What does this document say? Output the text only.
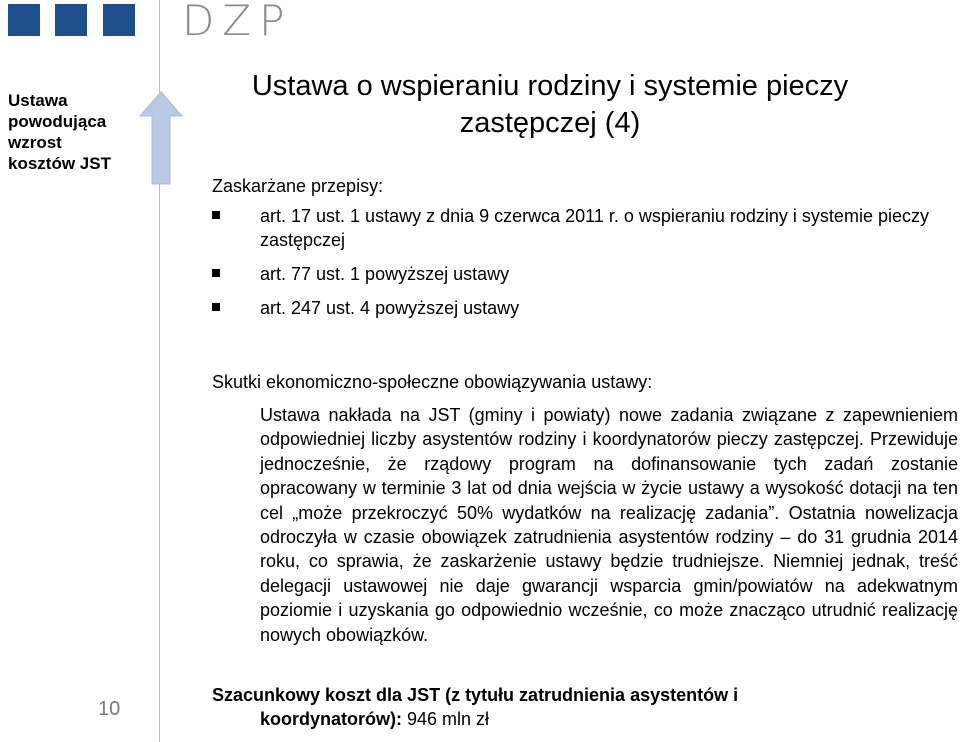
DZP
Ustawa powodująca wzrost kosztów JST
10
Ustawa o wspieraniu rodziny i systemie pieczy zastępczej (4)
Zaskarżane przepisy:
art. 17 ust. 1 ustawy z dnia 9 czerwca 2011 r. o wspieraniu rodziny i systemie pieczy zastępczej
art. 77 ust. 1 powyższej ustawy
art. 247 ust. 4 powyższej ustawy
Skutki ekonomiczno-społeczne obowiązywania ustawy:
Ustawa nakłada na JST (gminy i powiaty) nowe zadania związane z zapewnieniem odpowiedniej liczby asystentów rodziny i koordynatorów pieczy zastępczej. Przewiduje jednocześnie, że rządowy program na dofinansowanie tych zadań zostanie opracowany w terminie 3 lat od dnia wejścia w życie ustawy a wysokość dotacji na ten cel „może przekroczyć 50% wydatków na realizację zadania”. Ostatnia nowelizacja odroczyła w czasie obowiązek zatrudnienia asystentów rodziny – do 31 grudnia 2014 roku, co sprawia, że zaskarżenie ustawy będzie trudniejsze. Niemniej jednak, treść delegacji ustawowej nie daje gwarancji wsparcia gmin/powiatów na adekwatnym poziomie i uzyskania go odpowiednio wcześnie, co może znacząco utrudnić realizację nowych obowiązków.
Szacunkowy koszt dla JST (z tytułu zatrudnienia asystentów i
koordynatorów): 946 mln zł
